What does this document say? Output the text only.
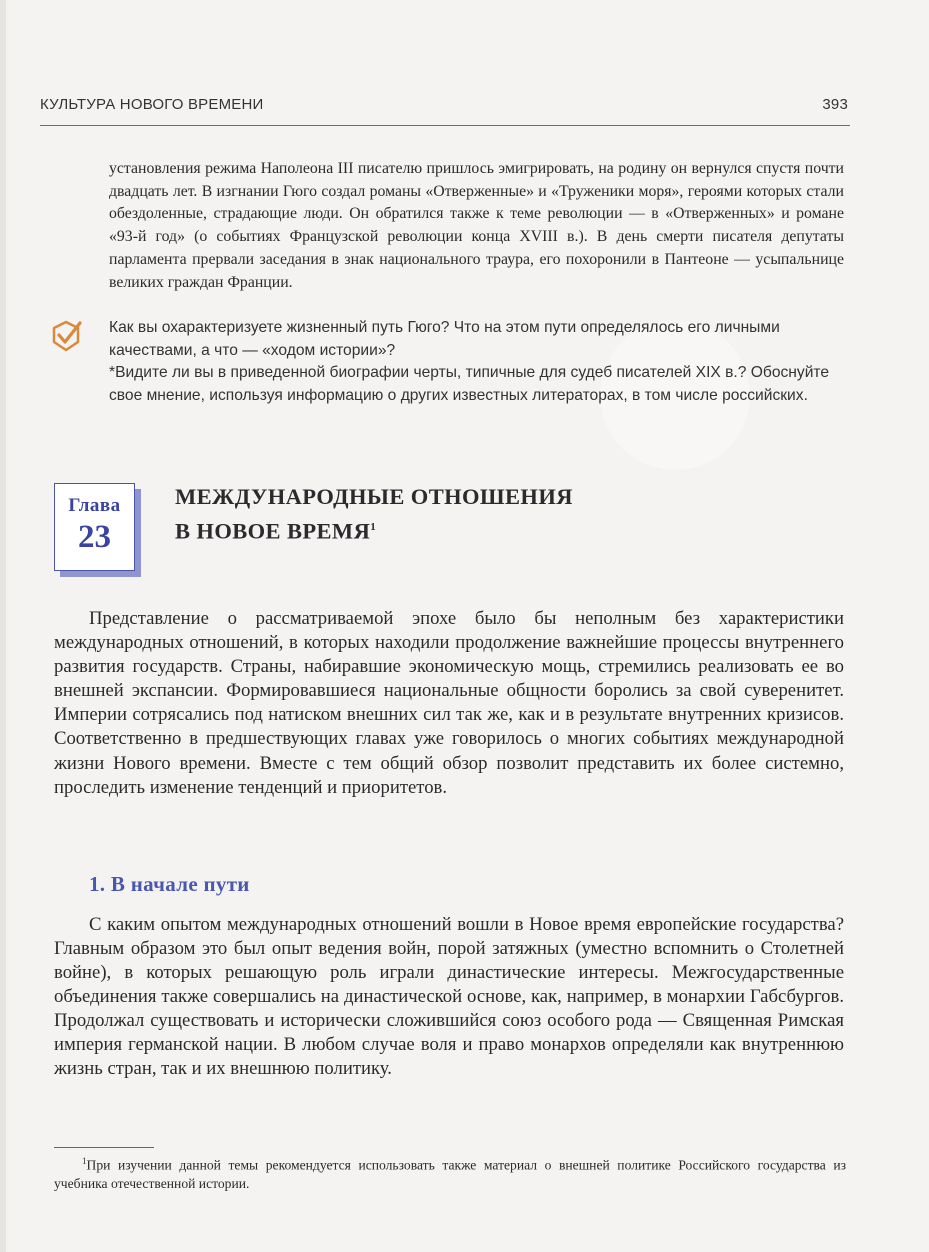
КУЛЬТУРА НОВОГО ВРЕМЕНИ	393

установления режима Наполеона III писателю пришлось эмигрировать, на родину он вернулся спустя почти двадцать лет. В изгнании Гюго создал романы «Отверженные» и «Труженики моря», героями которых стали обездоленные, страдающие люди. Он обратился также к теме революции — в «Отверженных» и романе «93-й год» (о событиях Французской революции конца XVIII в.). В день смерти писателя депутаты парламента прервали заседания в знак национального траура, его похоронили в Пантеоне — усыпальнице великих граждан Франции.

Как вы охарактеризуете жизненный путь Гюго? Что на этом пути определялось его личными качествами, а что — «ходом истории»?

*Видите ли вы в приведенной биографии черты, типичные для судеб писателей XIX в.? Обоснуйте свое мнение, используя информацию о других известных литераторах, в том числе российских.

Глава
23
МЕЖДУНАРОДНЫЕ ОТНОШЕНИЯ
В НОВОЕ ВРЕМЯ$^1$

Представление о рассматриваемой эпохе было бы неполным без характеристики международных отношений, в которых находили продолжение важнейшие процессы внутреннего развития государств. Страны, набиравшие экономическую мощь, стремились реализовать ее во внешней экспансии. Формировавшиеся национальные общности боролись за свой суверенитет. Империи сотрясались под натиском внешних сил так же, как и в результате внутренних кризисов. Соответственно в предшествующих главах уже говорилось о многих событиях международной жизни Нового времени. Вместе с тем общий обзор позволит представить их более системно, проследить изменение тенденций и приоритетов.

1. В начале пути

С каким опытом международных отношений вошли в Новое время европейские государства? Главным образом это был опыт ведения войн, порой затяжных (уместно вспомнить о Столетней войне), в которых решающую роль играли династические интересы. Межгосударственные объединения также совершались на династической основе, как, например, в монархии Габсбургов. Продолжал существовать и исторически сложившийся союз особого рода — Священная Римская империя германской нации. В любом случае воля и право монархов определяли как внутреннюю жизнь стран, так и их внешнюю политику.

$^1$При изучении данной темы рекомендуется использовать также материал о внешней политике Российского государства из учебника отечественной истории.
